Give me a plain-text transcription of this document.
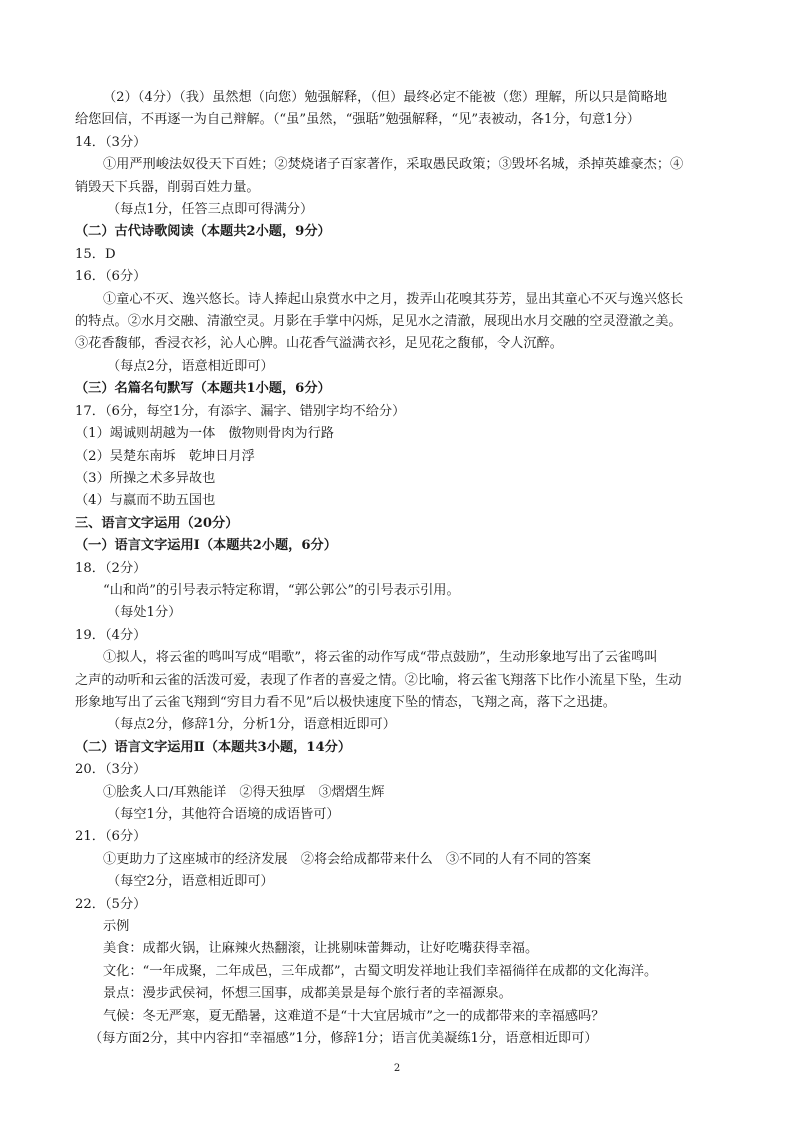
（2）（4分）（我）虽然想（向您）勉强解释，（但）最终必定不能被（您）理解，所以只是简略地

给您回信，不再逐一为自己辩解。（“虽”虽然，“强聒”勉强解释，“见”表被动，各1分，句意1分）

14．（3分）

①用严刑峻法奴役天下百姓；②焚烧诸子百家著作，采取愚民政策；③毁坏名城，杀掉英雄豪杰；④

销毁天下兵器，削弱百姓力量。

（每点1分，任答三点即可得满分）

（二）古代诗歌阅读（本题共2小题，9分）

15．D

16．（6分）

①童心不灭、逸兴悠长。诗人捧起山泉赏水中之月，拨弄山花嗅其芬芳，显出其童心不灭与逸兴悠长

的特点。②水月交融、清澈空灵。月影在手掌中闪烁，足见水之清澈，展现出水月交融的空灵澄澈之美。

③花香馥郁，香浸衣衫，沁人心脾。山花香气溢满衣衫，足见花之馥郁，令人沉醉。

（每点2分，语意相近即可）

（三）名篇名句默写（本题共1小题，6分）

17．（6分，每空1分，有添字、漏字、错别字均不给分）

（1）竭诚则胡越为一体　傲物则骨肉为行路

（2）吴楚东南坼　乾坤日月浮

（3）所操之术多异故也

（4）与嬴而不助五国也

三、语言文字运用（20分）

（一）语言文字运用Ⅰ（本题共2小题，6分）

18．（2分）

“山和尚”的引号表示特定称谓，“郭公郭公”的引号表示引用。

（每处1分）

19．（4分）

①拟人，将云雀的鸣叫写成“唱歌”，将云雀的动作写成“带点鼓励”，生动形象地写出了云雀鸣叫

之声的动听和云雀的活泼可爱，表现了作者的喜爱之情。②比喻，将云雀飞翔落下比作小流星下坠，生动

形象地写出了云雀飞翔到“穷目力看不见”后以极快速度下坠的情态，飞翔之高，落下之迅捷。

（每点2分，修辞1分，分析1分，语意相近即可）

（二）语言文字运用Ⅱ（本题共3小题，14分）

20．（3分）

①脍炙人口/耳熟能详　②得天独厚　③熠熠生辉

（每空1分，其他符合语境的成语皆可）

21．（6分）

①更助力了这座城市的经济发展　②将会给成都带来什么　③不同的人有不同的答案

（每空2分，语意相近即可）

22．（5分）

示例

美食：成都火锅，让麻辣火热翻滚，让挑剔味蕾舞动，让好吃嘴获得幸福。

文化：“一年成聚，二年成邑，三年成都”，古蜀文明发祥地让我们幸福徜徉在成都的文化海洋。

景点：漫步武侯祠，怀想三国事，成都美景是每个旅行者的幸福源泉。

气候：冬无严寒，夏无酷暑，这难道不是“十大宜居城市”之一的成都带来的幸福感吗？

（每方面2分，其中内容扣“幸福感”1分，修辞1分；语言优美凝练1分，语意相近即可）

2
